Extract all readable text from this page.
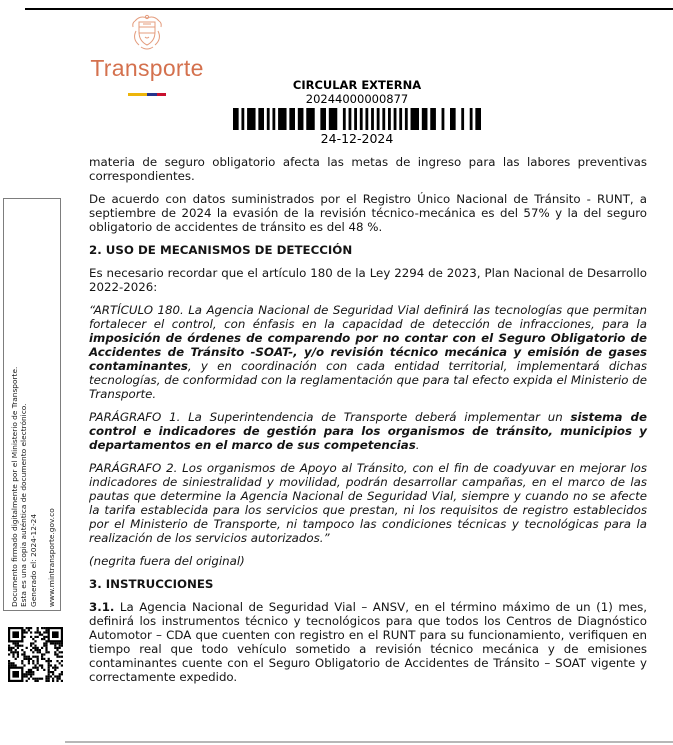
Transporte
CIRCULAR EXTERNA
20244000000877
24-12-2024
Documento firmado digitalmente por el Ministerio de Transporte. Esta es una copia auténtica de documento electrónico. Generado el: 2024-12-24 www.mintransporte.gov.co

materia de seguro obligatorio afecta las metas de ingreso para las labores preventivas correspondientes.

De acuerdo con datos suministrados por el Registro Único Nacional de Tránsito - RUNT, a septiembre de 2024 la evasión de la revisión técnico-mecánica es del 57% y la del seguro obligatorio de accidentes de tránsito es del 48 %.

2. USO DE MECANISMOS DE DETECCIÓN

Es necesario recordar que el artículo 180 de la Ley 2294 de 2023, Plan Nacional de Desarrollo 2022-2026:

“ARTÍCULO 180. La Agencia Nacional de Seguridad Vial definirá las tecnologías que permitan fortalecer el control, con énfasis en la capacidad de detección de infracciones, para la imposición de órdenes de comparendo por no contar con el Seguro Obligatorio de Accidentes de Tránsito -SOAT-, y/o revisión técnico mecánica y emisión de gases contaminantes, y en coordinación con cada entidad territorial, implementará dichas tecnologías, de conformidad con la reglamentación que para tal efecto expida el Ministerio de Transporte.

PARÁGRAFO 1. La Superintendencia de Transporte deberá implementar un sistema de control e indicadores de gestión para los organismos de tránsito, municipios y departamentos en el marco de sus competencias.

PARÁGRAFO 2. Los organismos de Apoyo al Tránsito, con el fin de coadyuvar en mejorar los indicadores de siniestralidad y movilidad, podrán desarrollar campañas, en el marco de las pautas que determine la Agencia Nacional de Seguridad Vial, siempre y cuando no se afecte la tarifa establecida para los servicios que prestan, ni los requisitos de registro establecidos por el Ministerio de Transporte, ni tampoco las condiciones técnicas y tecnológicas para la realización de los servicios autorizados.”

(negrita fuera del original)

3. INSTRUCCIONES

3.1. La Agencia Nacional de Seguridad Vial – ANSV, en el término máximo de un (1) mes, definirá los instrumentos técnico y tecnológicos para que todos los Centros de Diagnóstico Automotor – CDA que cuenten con registro en el RUNT para su funcionamiento, verifiquen en tiempo real que todo vehículo sometido a revisión técnico mecánica y de emisiones contaminantes cuente con el Seguro Obligatorio de Accidentes de Tránsito – SOAT vigente y correctamente expedido.
